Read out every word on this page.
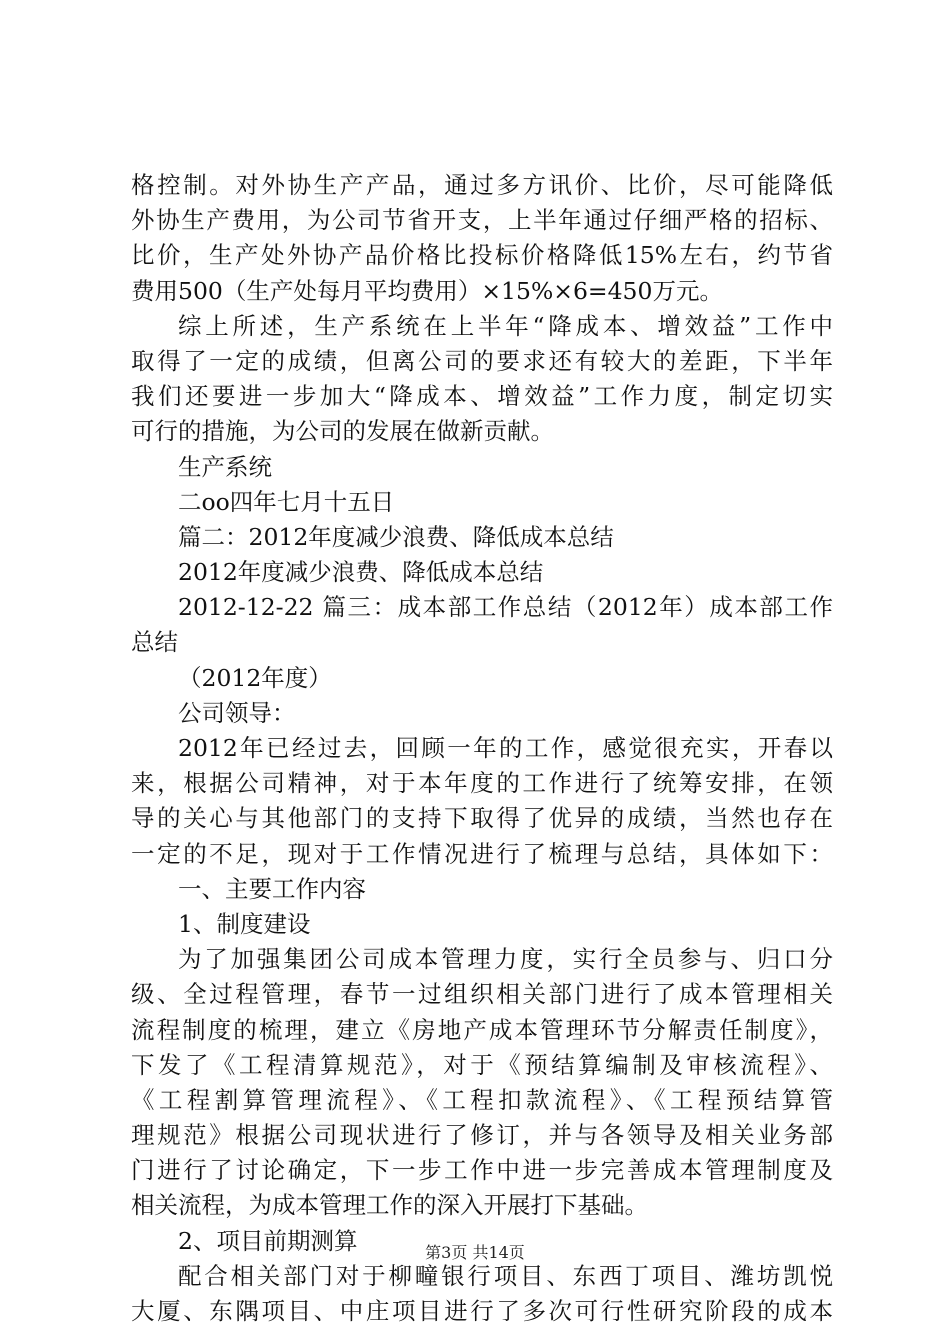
格控制。对外协生产产品，通过多方讯价、比价，尽可能降低
外协生产费用，为公司节省开支，上半年通过仔细严格的招标、
比价，生产处外协产品价格比投标价格降低15%左右，约节省
费用500（生产处每月平均费用）×15%×6=450万元。
综上所述，生产系统在上半年“降成本、增效益”工作中
取得了一定的成绩，但离公司的要求还有较大的差距，下半年
我们还要进一步加大“降成本、增效益”工作力度，制定切实
可行的措施，为公司的发展在做新贡献。
生产系统
二oo四年七月十五日
篇二：2012年度减少浪费、降低成本总结
2012年度减少浪费、降低成本总结
2012-12-22 篇三：成本部工作总结（2012年）成本部工作
总结
（2012年度）
公司领导：
2012年已经过去，回顾一年的工作，感觉很充实，开春以
来，根据公司精神，对于本年度的工作进行了统筹安排，在领
导的关心与其他部门的支持下取得了优异的成绩，当然也存在
一定的不足，现对于工作情况进行了梳理与总结，具体如下：
一、主要工作内容
1、制度建设
为了加强集团公司成本管理力度，实行全员参与、归口分
级、全过程管理，春节一过组织相关部门进行了成本管理相关
流程制度的梳理，建立《房地产成本管理环节分解责任制度》，
下发了《工程清算规范》，对于《预结算编制及审核流程》、
《工程割算管理流程》、《工程扣款流程》、《工程预结算管
理规范》根据公司现状进行了修订，并与各领导及相关业务部
门进行了讨论确定，下一步工作中进一步完善成本管理制度及
相关流程，为成本管理工作的深入开展打下基础。
2、项目前期测算
配合相关部门对于柳疃银行项目、东西丁项目、潍坊凯悦
大厦、东隅项目、中庄项目进行了多次可行性研究阶段的成本
第3页 共14页
